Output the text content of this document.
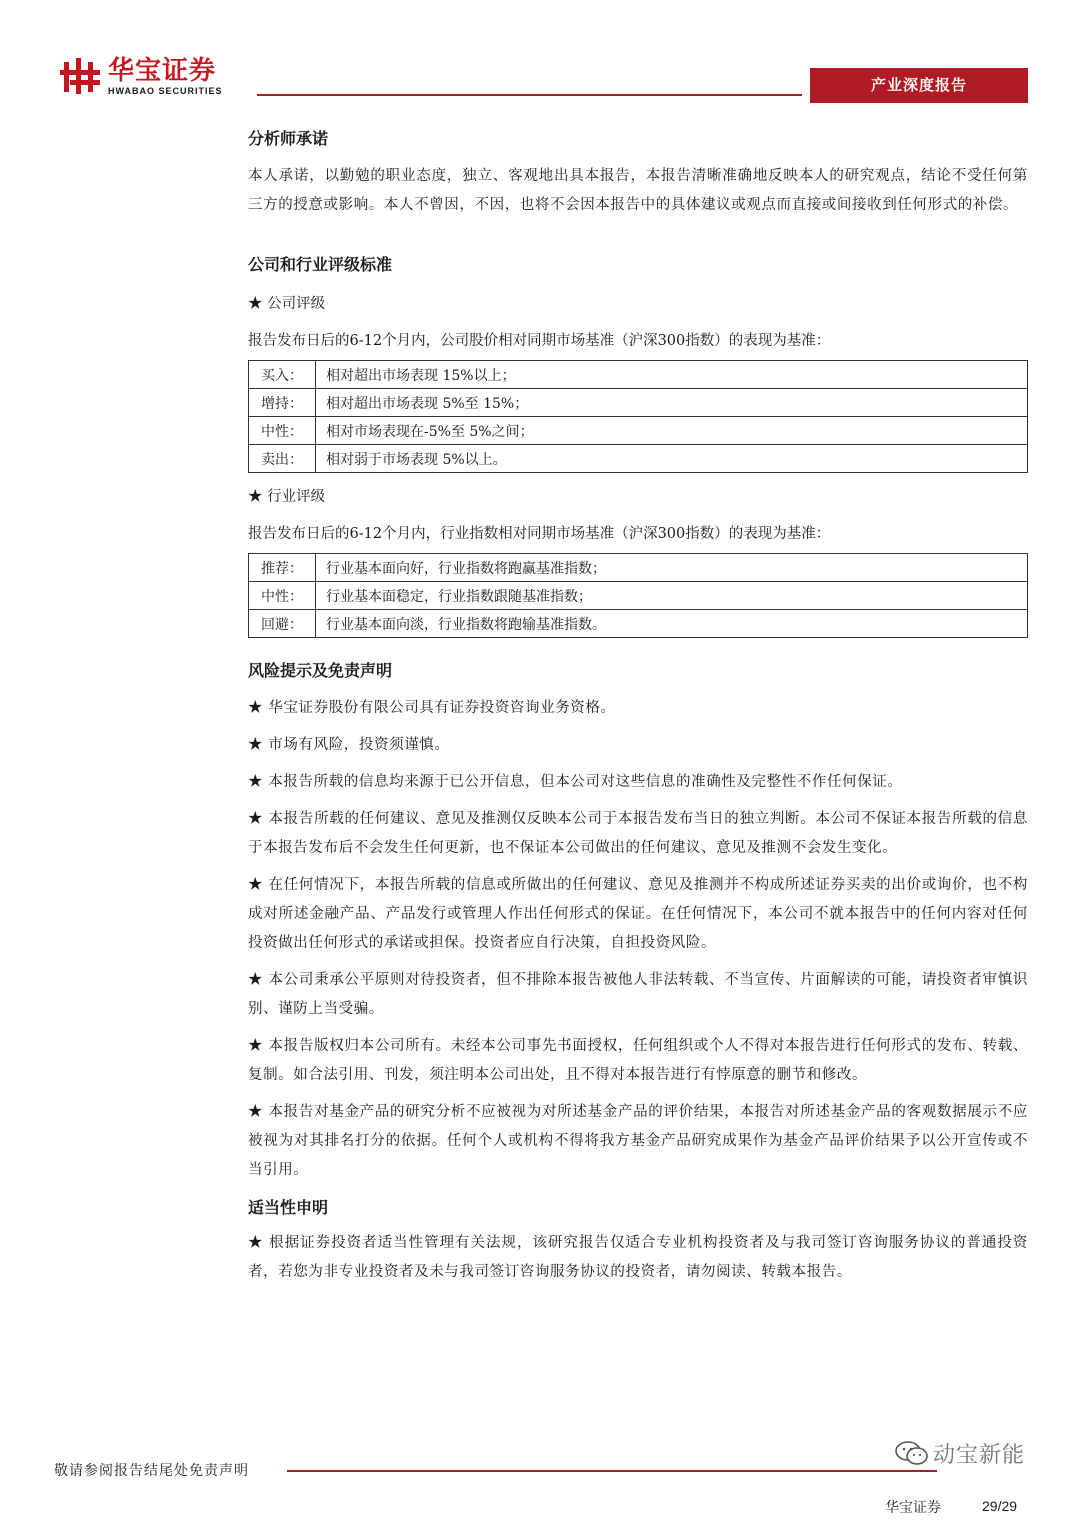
华宝证券
HWABAO SECURITIES	产业深度报告
分析师承诺

本人承诺，以勤勉的职业态度，独立、客观地出具本报告，本报告清晰准确地反映本人的研究观点，结论不受任何第三方的授意或影响。本人不曾因，不因，也将不会因本报告中的具体建议或观点而直接或间接收到任何形式的补偿。

公司和行业评级标准

★ 公司评级

报告发布日后的6-12个月内，公司股价相对同期市场基准（沪深300指数）的表现为基准：

买入：	相对超出市场表现 15%以上；
增持：	相对超出市场表现 5%至 15%；
中性：	相对市场表现在-5%至 5%之间；
卖出：	相对弱于市场表现 5%以上。

★ 行业评级

报告发布日后的6-12个月内，行业指数相对同期市场基准（沪深300指数）的表现为基准：

推荐：	行业基本面向好，行业指数将跑赢基准指数；
中性：	行业基本面稳定，行业指数跟随基准指数；
回避：	行业基本面向淡，行业指数将跑输基准指数。
风险提示及免责声明

★ 华宝证券股份有限公司具有证券投资咨询业务资格。

★ 市场有风险，投资须谨慎。

★ 本报告所载的信息均来源于已公开信息，但本公司对这些信息的准确性及完整性不作任何保证。

★ 本报告所载的任何建议、意见及推测仅反映本公司于本报告发布当日的独立判断。本公司不保证本报告所载的信息于本报告发布后不会发生任何更新，也不保证本公司做出的任何建议、意见及推测不会发生变化。

★ 在任何情况下，本报告所载的信息或所做出的任何建议、意见及推测并不构成所述证券买卖的出价或询价，也不构成对所述金融产品、产品发行或管理人作出任何形式的保证。在任何情况下，本公司不就本报告中的任何内容对任何投资做出任何形式的承诺或担保。投资者应自行决策，自担投资风险。

★ 本公司秉承公平原则对待投资者，但不排除本报告被他人非法转载、不当宣传、片面解读的可能，请投资者审慎识别、谨防上当受骗。

★ 本报告版权归本公司所有。未经本公司事先书面授权，任何组织或个人不得对本报告进行任何形式的发布、转载、复制。如合法引用、刊发，须注明本公司出处，且不得对本报告进行有悖原意的删节和修改。

★ 本报告对基金产品的研究分析不应被视为对所述基金产品的评价结果，本报告对所述基金产品的客观数据展示不应被视为对其排名打分的依据。任何个人或机构不得将我方基金产品研究成果作为基金产品评价结果予以公开宣传或不当引用。

适当性申明

★ 根据证券投资者适当性管理有关法规，该研究报告仅适合专业机构投资者及与我司签订咨询服务协议的普通投资者，若您为非专业投资者及未与我司签订咨询服务协议的投资者，请勿阅读、转载本报告。

敬请参阅报告结尾处免责声明
华宝证券	29/29
动宝新能
